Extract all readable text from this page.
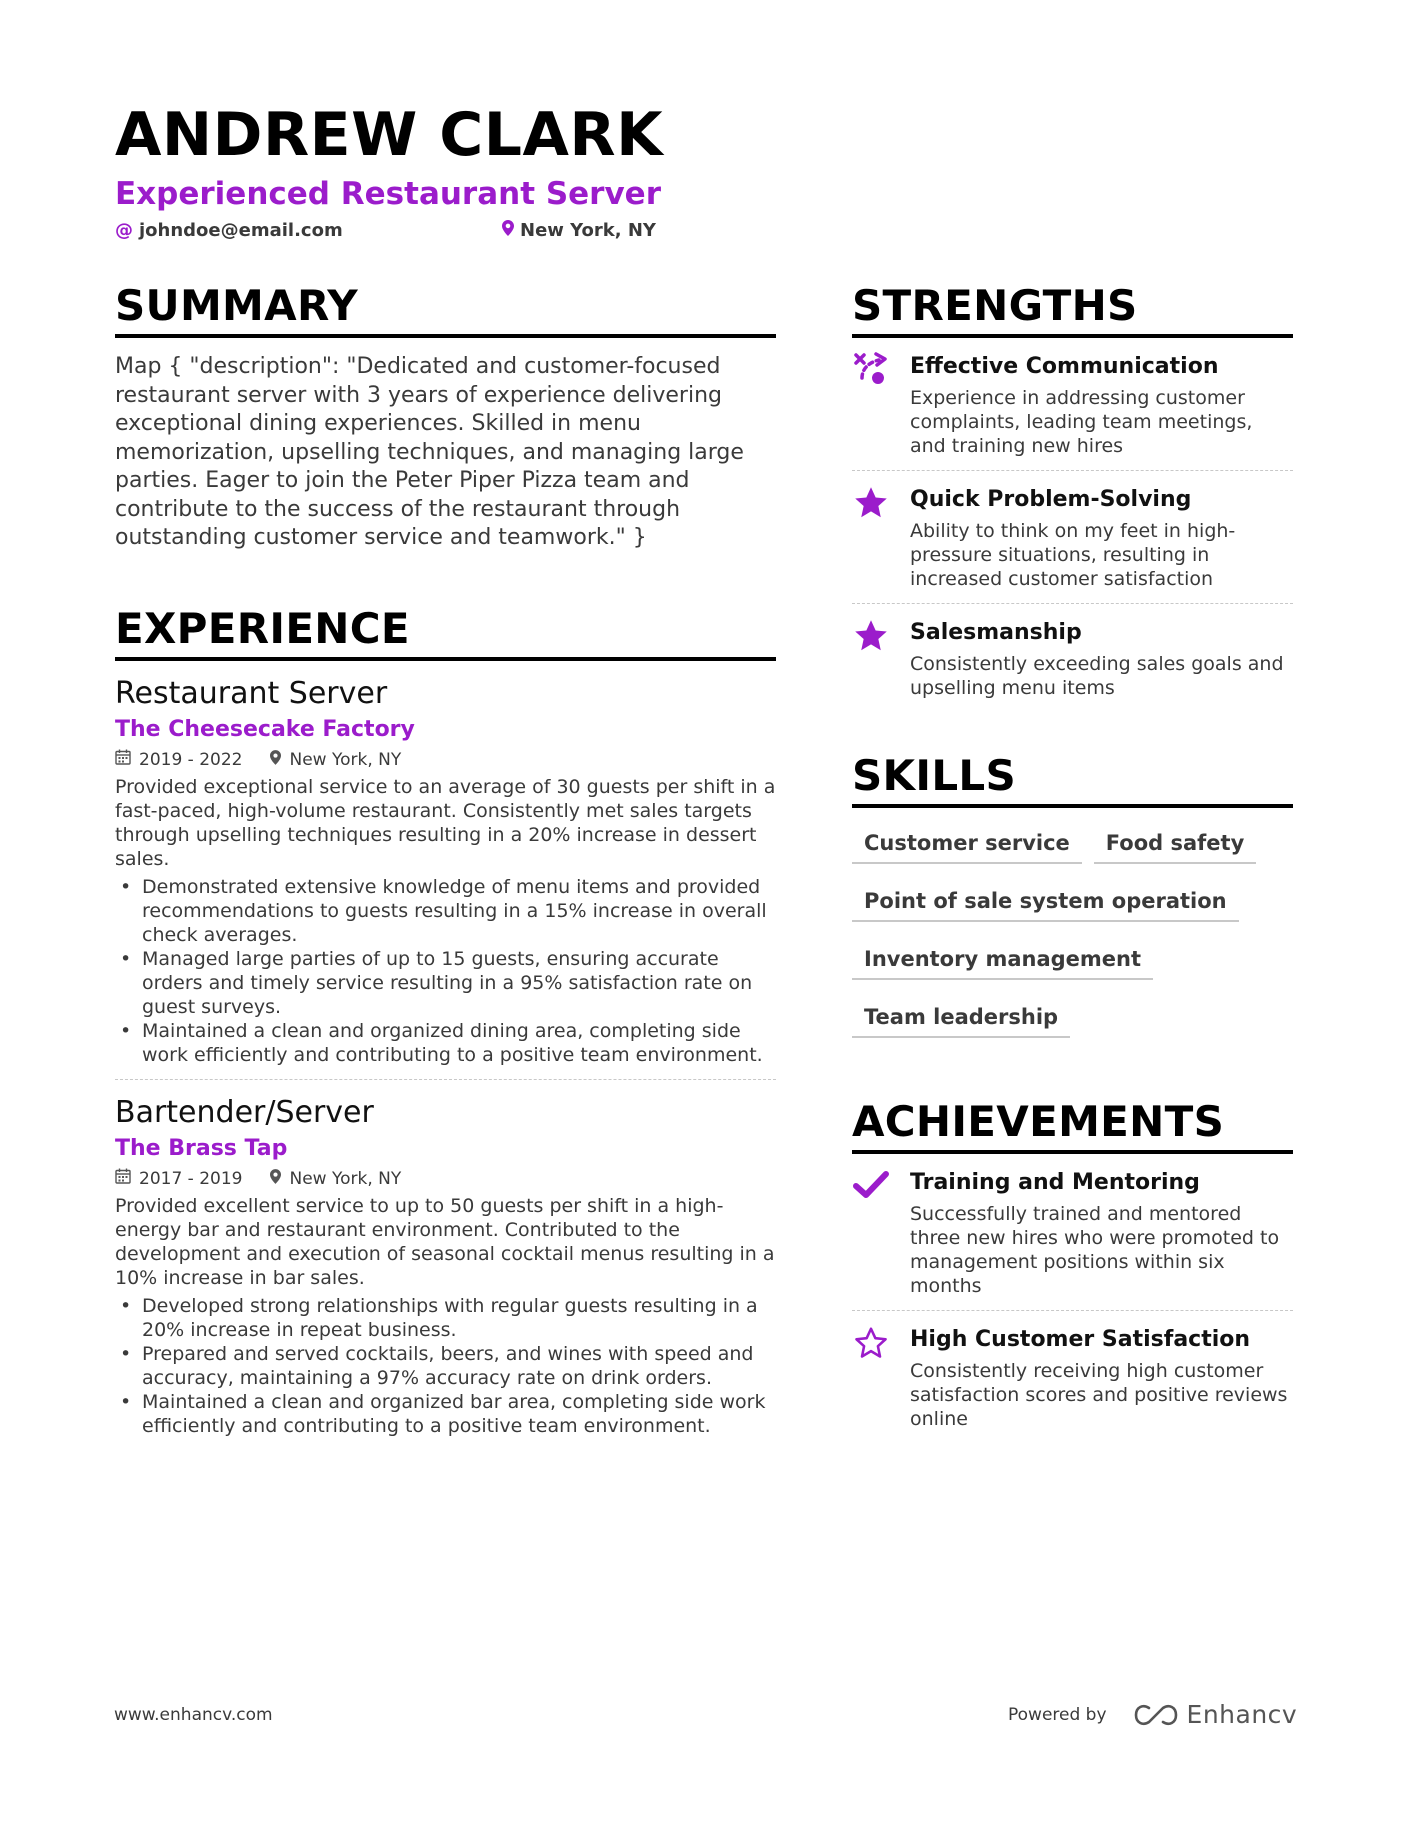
ANDREW CLARK
Experienced Restaurant Server
@ johndoe@email.com	New York, NY
SUMMARY
Map { "description": "Dedicated and customer-focused restaurant server with 3 years of experience delivering exceptional dining experiences. Skilled in menu memorization, upselling techniques, and managing large parties. Eager to join the Peter Piper Pizza team and contribute to the success of the restaurant through outstanding customer service and teamwork." }
EXPERIENCE
Restaurant Server
The Cheesecake Factory
2019 - 2022	New York, NY
Provided exceptional service to an average of 30 guests per shift in a fast-paced, high-volume restaurant. Consistently met sales targets through upselling techniques resulting in a 20% increase in dessert sales.
• Demonstrated extensive knowledge of menu items and provided recommendations to guests resulting in a 15% increase in overall check averages.
• Managed large parties of up to 15 guests, ensuring accurate orders and timely service resulting in a 95% satisfaction rate on guest surveys.
• Maintained a clean and organized dining area, completing side work efficiently and contributing to a positive team environment.
Bartender/Server
The Brass Tap
2017 - 2019	New York, NY
Provided excellent service to up to 50 guests per shift in a high-energy bar and restaurant environment. Contributed to the development and execution of seasonal cocktail menus resulting in a 10% increase in bar sales.
• Developed strong relationships with regular guests resulting in a 20% increase in repeat business.
• Prepared and served cocktails, beers, and wines with speed and accuracy, maintaining a 97% accuracy rate on drink orders.
• Maintained a clean and organized bar area, completing side work efficiently and contributing to a positive team environment.
STRENGTHS
Effective Communication
Experience in addressing customer complaints, leading team meetings, and training new hires
Quick Problem-Solving
Ability to think on my feet in high-pressure situations, resulting in increased customer satisfaction
Salesmanship
Consistently exceeding sales goals and upselling menu items
SKILLS
Customer service	Food safety
Point of sale system operation
Inventory management
Team leadership
ACHIEVEMENTS
Training and Mentoring
Successfully trained and mentored three new hires who were promoted to management positions within six months
High Customer Satisfaction
Consistently receiving high customer satisfaction scores and positive reviews online
www.enhancv.com	Powered by	Enhancv
